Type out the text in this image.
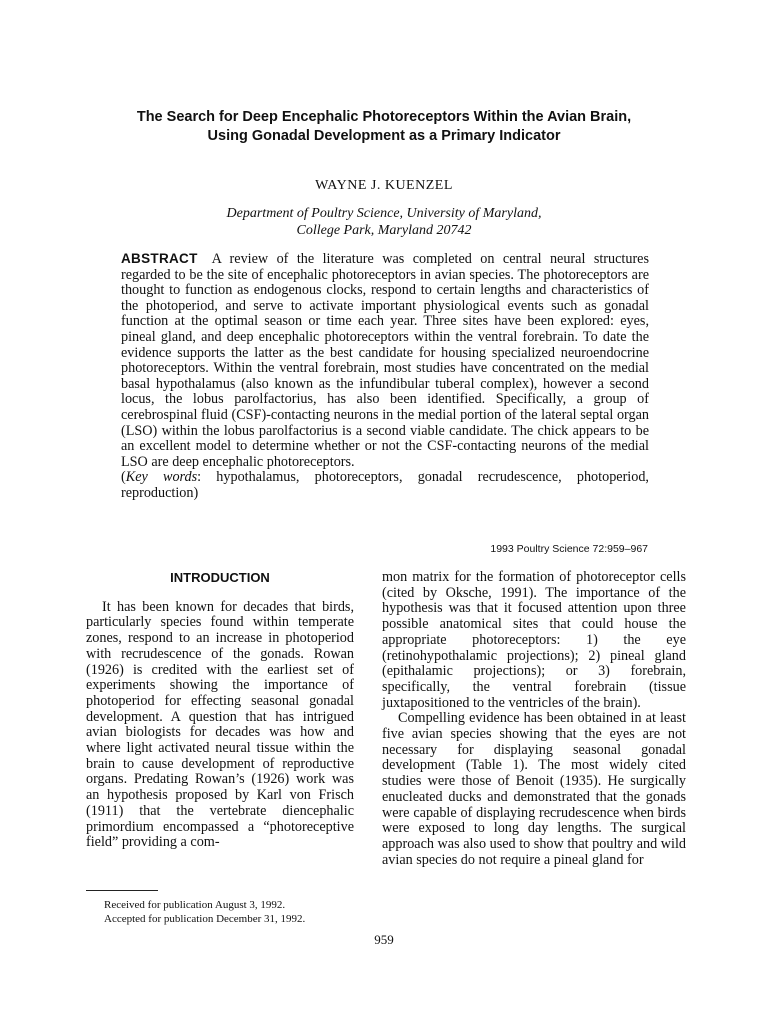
The Search for Deep Encephalic Photoreceptors Within the Avian Brain, Using Gonadal Development as a Primary Indicator
WAYNE J. KUENZEL
Department of Poultry Science, University of Maryland,
College Park, Maryland 20742

ABSTRACT A review of the literature was completed on central neural structures regarded to be the site of encephalic photoreceptors in avian species. The photoreceptors are thought to function as endogenous clocks, respond to certain lengths and characteristics of the photoperiod, and serve to activate important physiological events such as gonadal function at the optimal season or time each year. Three sites have been explored: eyes, pineal gland, and deep encephalic photoreceptors within the ventral forebrain. To date the evidence supports the latter as the best candidate for housing specialized neuroendocrine photoreceptors. Within the ventral forebrain, most studies have concentrated on the medial basal hypothalamus (also known as the infundibular tuberal complex), however a second locus, the lobus parolfactorius, has also been identified. Specifically, a group of cerebrospinal fluid (CSF)-contacting neurons in the medial portion of the lateral septal organ (LSO) within the lobus parolfactorius is a second viable candidate. The chick appears to be an excellent model to determine whether or not the CSF-contacting neurons of the medial LSO are deep encephalic photoreceptors.

(Key words: hypothalamus, photoreceptors, gonadal recrudescence, photoperiod, reproduction)

1993 Poultry Science 72:959–967
INTRODUCTION

It has been known for decades that birds, particularly species found within temperate zones, respond to an increase in photoperiod with recrudescence of the gonads. Rowan (1926) is credited with the earliest set of experiments showing the importance of photoperiod for effecting seasonal gonadal development. A question that has intrigued avian biologists for decades was how and where light activated neural tissue within the brain to cause development of reproductive organs. Predating Rowan’s (1926) work was an hypothesis proposed by Karl von Frisch (1911) that the vertebrate diencephalic primordium encompassed a “photoreceptive field” providing a com-

mon matrix for the formation of photoreceptor cells (cited by Oksche, 1991). The importance of the hypothesis was that it focused attention upon three possible anatomical sites that could house the appropriate photoreceptors: 1) the eye (retinohypothalamic projections); 2) pineal gland (epithalamic projections); or 3) forebrain, specifically, the ventral forebrain (tissue juxtapositioned to the ventricles of the brain).

Compelling evidence has been obtained in at least five avian species showing that the eyes are not necessary for displaying seasonal gonadal development (Table 1). The most widely cited studies were those of Benoit (1935). He surgically enucleated ducks and demonstrated that the gonads were capable of displaying recrudescence when birds were exposed to long day lengths. The surgical approach was also used to show that poultry and wild avian species do not require a pineal gland for

Received for publication August 3, 1992.
Accepted for publication December 31, 1992.
959
